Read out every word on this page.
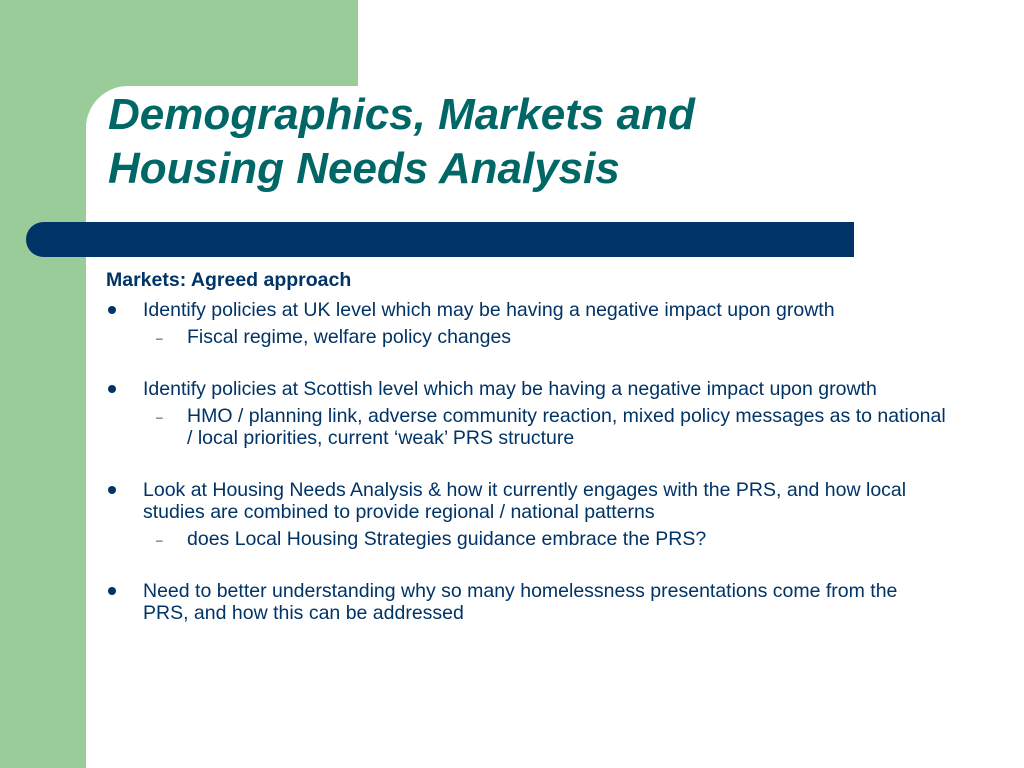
Demographics, Markets and
Housing Needs Analysis
Markets: Agreed approach
Identify policies at UK level which may be having a negative impact upon growth
– Fiscal regime, welfare policy changes
Identify policies at Scottish level which may be having a negative impact upon growth
– HMO / planning link, adverse community reaction, mixed policy messages as to national / local priorities, current ‘weak’ PRS structure
Look at Housing Needs Analysis & how it currently engages with the PRS, and how local studies are combined to provide regional / national patterns
– does Local Housing Strategies guidance embrace the PRS?
Need to better understanding why so many homelessness presentations come from the PRS, and how this can be addressed
